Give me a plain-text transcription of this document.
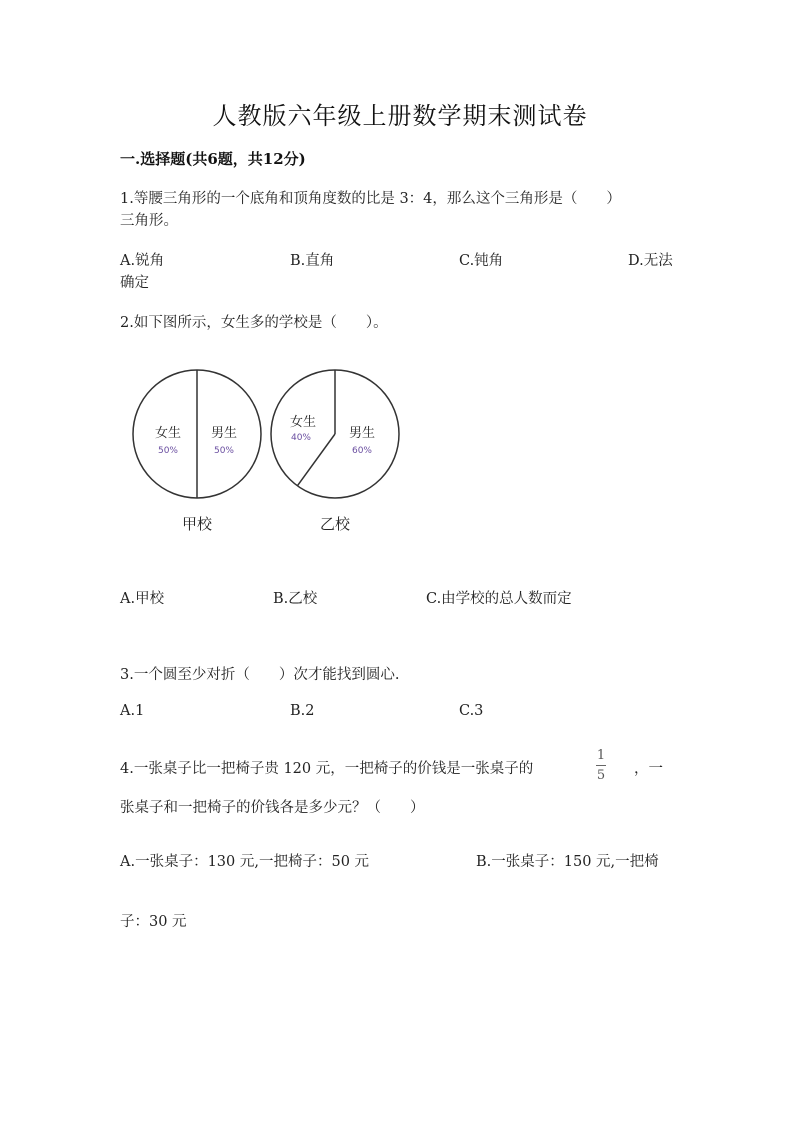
人教版六年级上册数学期末测试卷
一.选择题(共6题，共12分)
1.等腰三角形的一个底角和顶角度数的比是 3：4，那么这个三角形是（　　）
三角形。
A.锐角	B.直角	C.钝角	D.无法
确定
2.如下图所示，女生多的学校是（　　）。
女生
50%
男生
50%
甲校
女生
40%	男生
60%
乙校
A.甲校	B.乙校	C.由学校的总人数而定
3.一个圆至少对折（　　）次才能找到圆心.
A.1	B.2	C.3
4.一张桌子比一把椅子贵 120 元，一把椅子的价钱是一张桌子的
1
5 ，一
张桌子和一把椅子的价钱各是多少元？（　　）
A.一张桌子：130 元,一把椅子：50 元	B.一张桌子：150 元,一把椅
子：30 元
